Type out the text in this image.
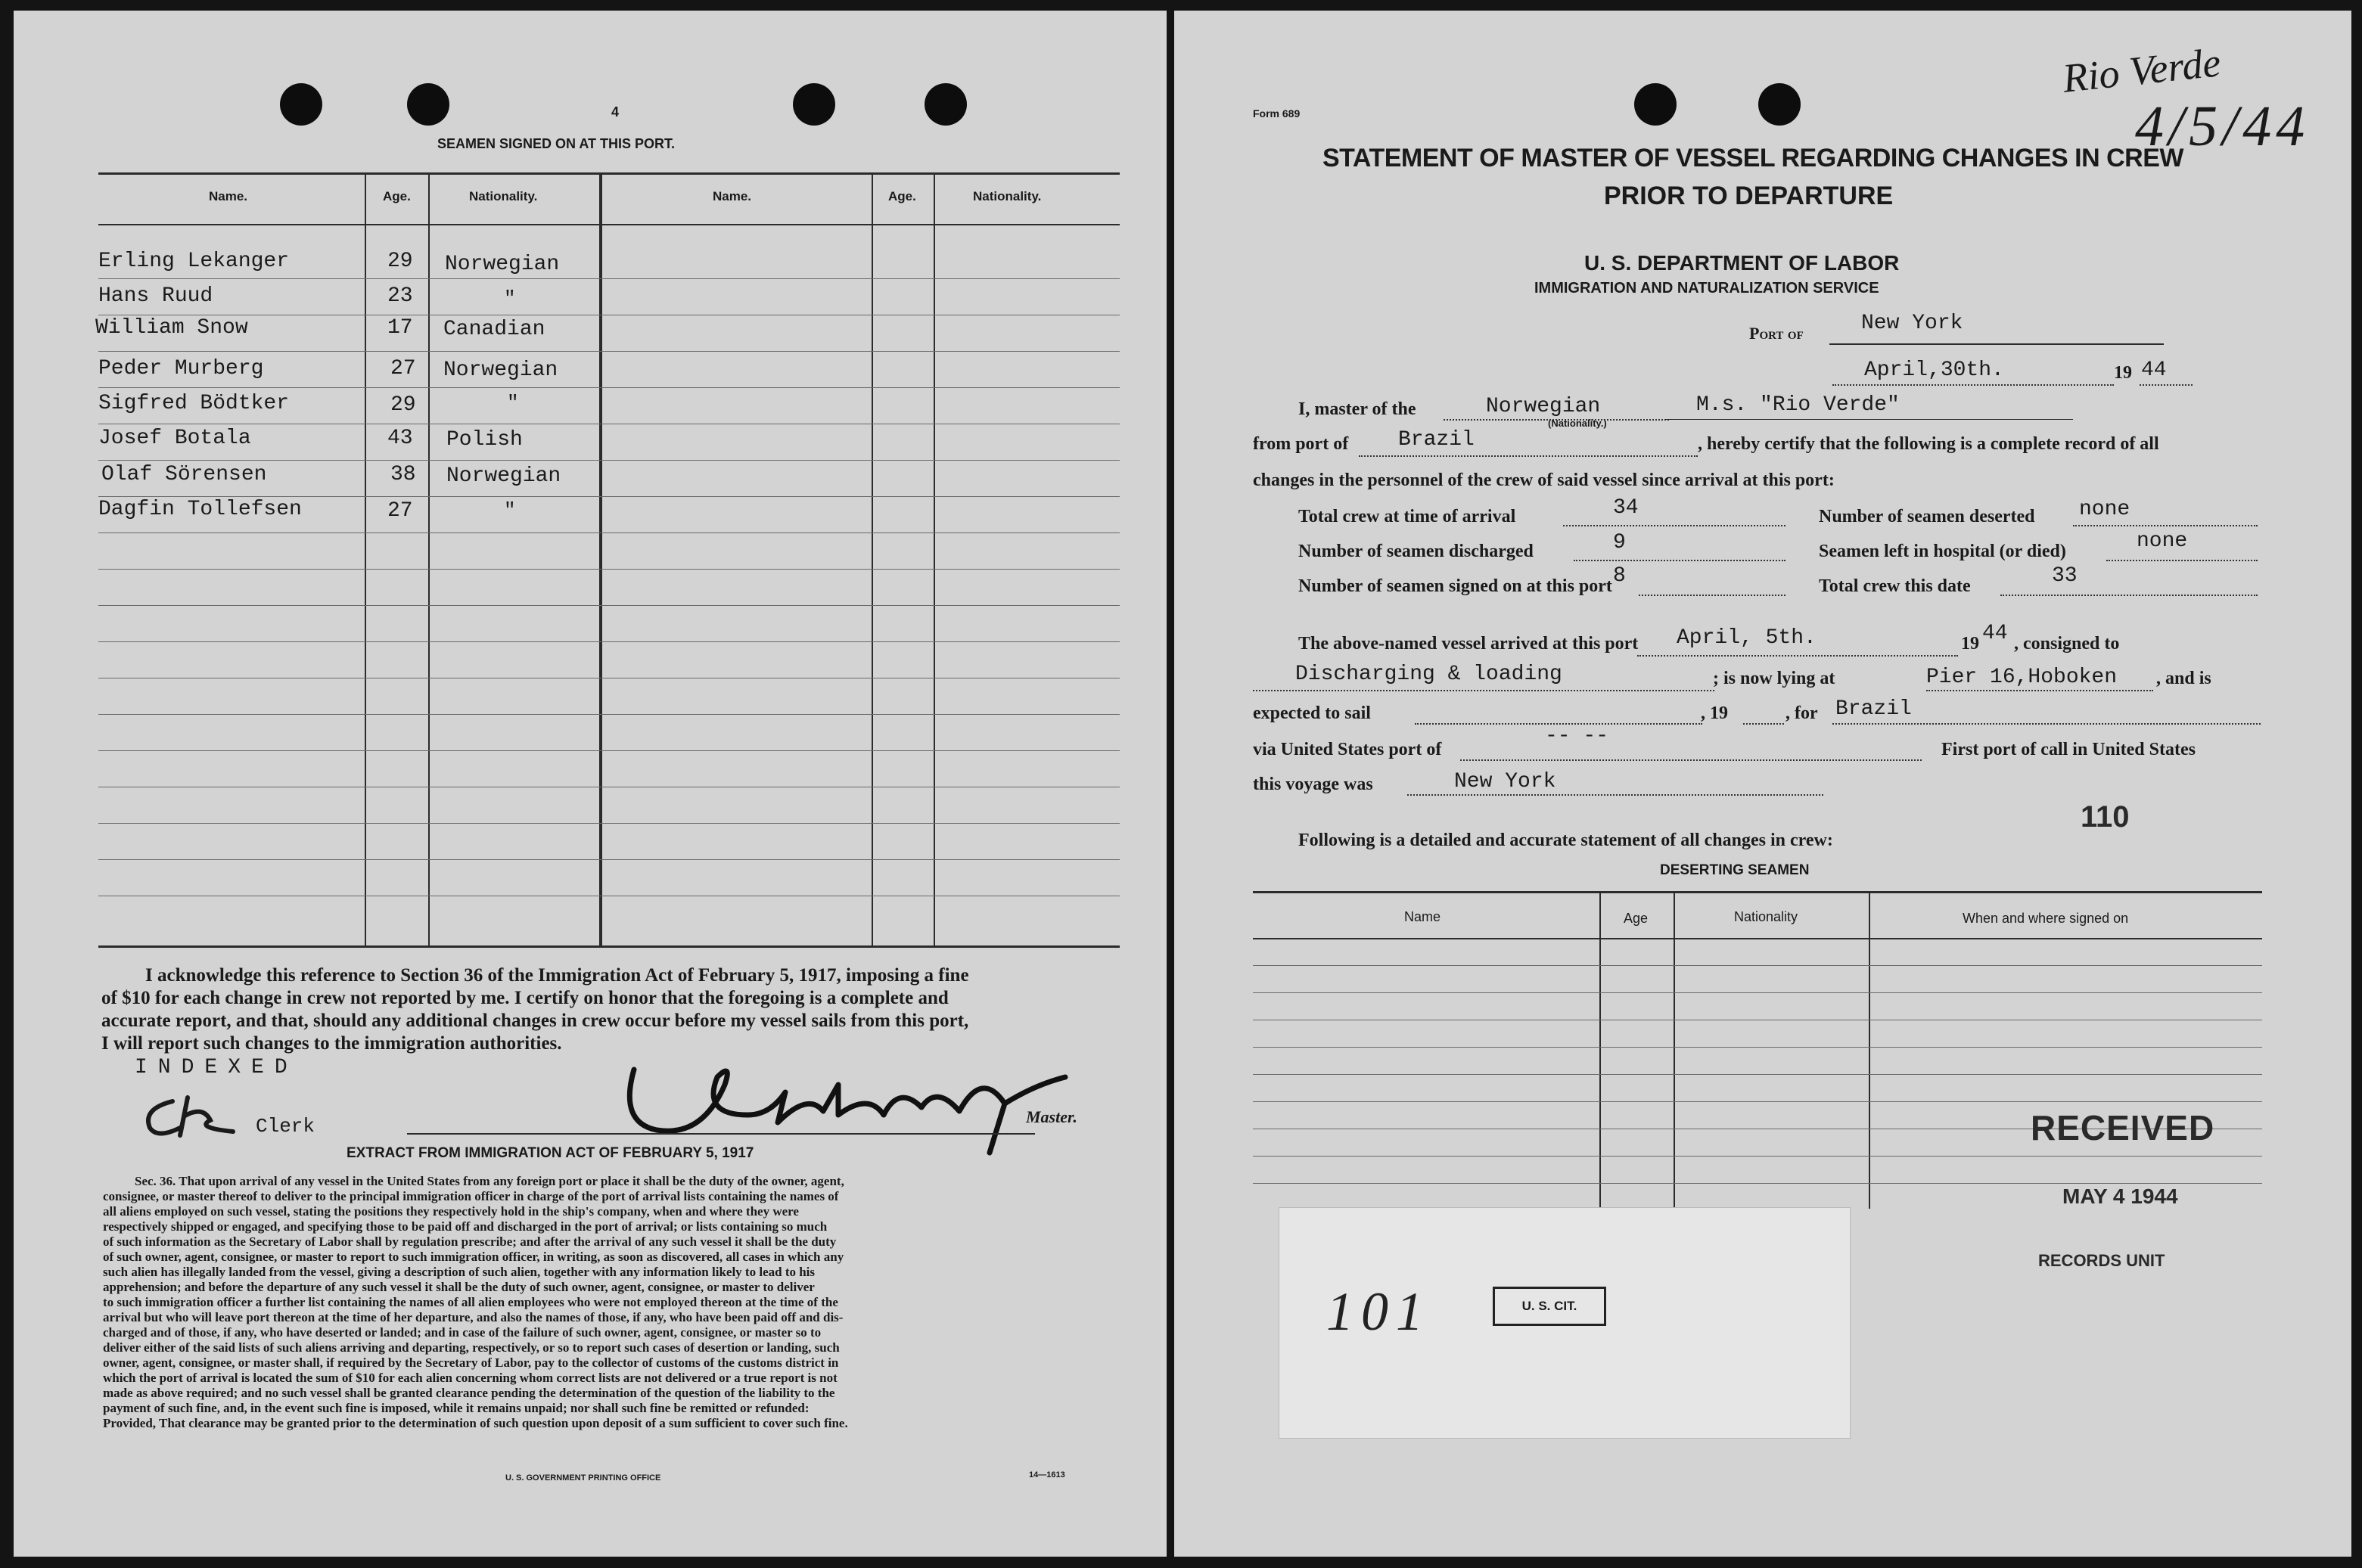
4
SEAMEN SIGNED ON AT THIS PORT.
Name.	Age.	Nationality.	Name.	Age.	Nationality.
Erling Lekanger	29 Norwegian
Hans Ruud	23	"
William Snow	17 Canadian
Peder Murberg	27 Norwegian
Sigfred Bödtker	29	"
Josef Botala	43 Polish
Olaf Sörensen	38 Norwegian
Dagfin Tollefsen	27	"
I acknowledge this reference to Section 36 of the Immigration Act of February 5, 1917, imposing a fine
of $10 for each change in crew not reported by me. I certify on honor that the foregoing is a complete and
accurate report, and that, should any additional changes in crew occur before my vessel sails from this port,
I will report such changes to the immigration authorities.
INDEXED
Clerk	Master.
EXTRACT FROM IMMIGRATION ACT OF FEBRUARY 5, 1917
Sec. 36. That upon arrival of any vessel in the United States from any foreign port or place it shall be the duty of the owner, agent,
consignee, or master thereof to deliver to the principal immigration officer in charge of the port of arrival lists containing the names of
all aliens employed on such vessel, stating the positions they respectively hold in the ship's company, when and where they were
respectively shipped or engaged, and specifying those to be paid off and discharged in the port of arrival; or lists containing so much
of such information as the Secretary of Labor shall by regulation prescribe; and after the arrival of any such vessel it shall be the duty
of such owner, agent, consignee, or master to report to such immigration officer, in writing, as soon as discovered, all cases in which any
such alien has illegally landed from the vessel, giving a description of such alien, together with any information likely to lead to his
apprehension; and before the departure of any such vessel it shall be the duty of such owner, agent, consignee, or master to deliver
to such immigration officer a further list containing the names of all alien employees who were not employed thereon at the time of the
arrival but who will leave port thereon at the time of her departure, and also the names of those, if any, who have been paid off and dis-
charged and of those, if any, who have deserted or landed; and in case of the failure of such owner, agent, consignee, or master so to
deliver either of the said lists of such aliens arriving and departing, respectively, or so to report such cases of desertion or landing, such
owner, agent, consignee, or master shall, if required by the Secretary of Labor, pay to the collector of customs of the customs district in
which the port of arrival is located the sum of $10 for each alien concerning whom correct lists are not delivered or a true report is not
made as above required; and no such vessel shall be granted clearance pending the determination of the question of the liability to the
payment of such fine, and, in the event such fine is imposed, while it remains unpaid; nor shall such fine be remitted or refunded:
Provided, That clearance may be granted prior to the determination of such question upon deposit of a sum sufficient to cover such fine.
U. S. GOVERNMENT PRINTING OFFICE	14—1613
Form 689
Rio Verde
4/5/44
STATEMENT OF MASTER OF VESSEL REGARDING CHANGES IN CREW
PRIOR TO DEPARTURE
U. S. DEPARTMENT OF LABOR
IMMIGRATION AND NATURALIZATION SERVICE
Port of	New York
April,30th.	19 44
I, master of the	Norwegian
(Nationality.)
M.s. "Rio Verde"
from port of Brazil	, hereby certify that the following is a complete record of all
changes in the personnel of the crew of said vessel since arrival at this port:
Total crew at time of arrival	34	Number of seamen deserted none
Number of seamen discharged	9	Seamen left in hospital (or died)	none
Number of seamen signed on at this port 8	Total crew this date	33
The above-named vessel arrived at this port April, 5th.	19 44 , consigned to
Discharging & loading	; is now lying at	Pier 16,Hoboken , and is
expected to sail	, 19	, for Brazil
via United States port of
-- --
First port of call in United States
this voyage was	New York
110
Following is a detailed and accurate statement of all changes in crew:
DESERTING SEAMEN
Name	Age	Nationality	When and where signed on
RECEIVED
MAY 4 1944
RECORDS UNIT
101	U. S. CIT.
